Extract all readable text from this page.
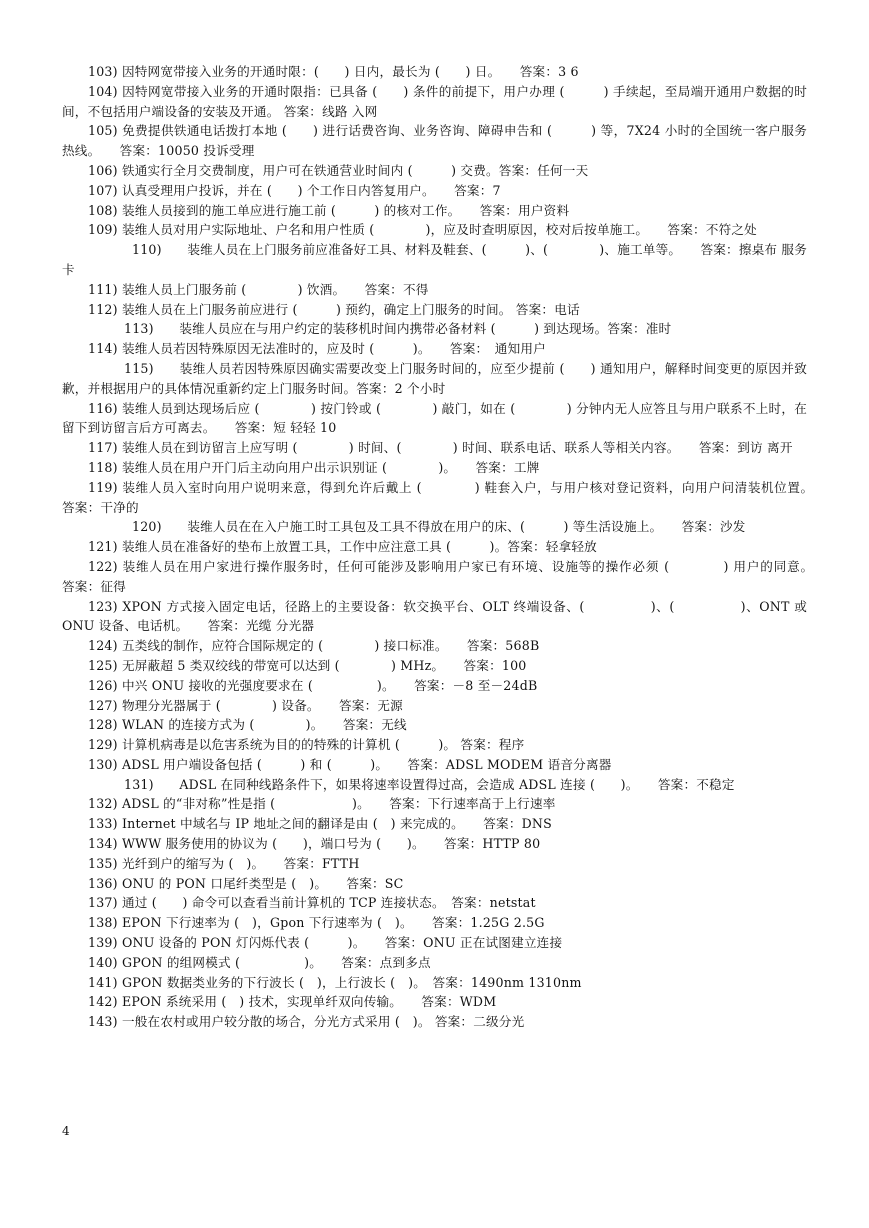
103) 因特网宽带接入业务的开通时限：(　　) 日内，最长为 (　　) 日。　　答案：3 6

104) 因特网宽带接入业务的开通时限指：已具备 (　　) 条件的前提下，用户办理 (　　　) 手续起，至局端开通用户数据的时间，不包括用户端设备的安装及开通。 答案：线路 入网

105) 免费提供铁通电话拨打本地 (　　) 进行话费咨询、业务咨询、障碍申告和 (　　　) 等，7X24 小时的全国统一客户服务热线。　　答案：10050 投诉受理

106) 铁通实行全月交费制度，用户可在铁通营业时间内 (　　　) 交费。答案：任何一天

107) 认真受理用户投诉，并在 (　　) 个工作日内答复用户。　　答案：7

108) 装维人员接到的施工单应进行施工前 (　　　) 的核对工作。　　答案：用户资料

109) 装维人员对用户实际地址、户名和用户性质 (　　　　)，应及时查明原因，校对后按单施工。　　答案：不符之处

110)　　装维人员在上门服务前应准备好工具、材料及鞋套、(　　　)、(　　　　)、施工单等。　　答案：擦桌布 服务卡

111) 装维人员上门服务前 (　　　　) 饮酒。　　答案：不得

112) 装维人员在上门服务前应进行 (　　　) 预约，确定上门服务的时间。 答案：电话

113)　　装维人员应在与用户约定的装移机时间内携带必备材料 (　　　) 到达现场。答案：准时

114) 装维人员若因特殊原因无法准时的，应及时 (　　　)。　　答案：　通知用户

115)　　装维人员若因特殊原因确实需要改变上门服务时间的，应至少提前 (　　) 通知用户，解释时间变更的原因并致歉，并根据用户的具体情况重新约定上门服务时间。答案：2 个小时

116) 装维人员到达现场后应 (　　　　) 按门铃或 (　　　　) 敲门，如在 (　　　　) 分钟内无人应答且与用户联系不上时，在留下到访留言后方可离去。　　答案：短 轻轻 10

117) 装维人员在到访留言上应写明 (　　　　) 时间、(　　　　) 时间、联系电话、联系人等相关内容。　　答案：到访 离开

118) 装维人员在用户开门后主动向用户出示识别证 (　　　　)。　　答案：工牌

119) 装维人员入室时向用户说明来意，得到允许后戴上 (　　　　) 鞋套入户，与用户核对登记资料，向用户问清装机位置。　　答案：干净的

120)　　装维人员在在入户施工时工具包及工具不得放在用户的床、(　　　) 等生活设施上。　　答案：沙发

121) 装维人员在准备好的垫布上放置工具，工作中应注意工具 (　　　)。答案：轻拿轻放

122) 装维人员在用户家进行操作服务时，任何可能涉及影响用户家已有环境、设施等的操作必须 (　　　　) 用户的同意。　　答案：征得

123) XPON 方式接入固定电话，径路上的主要设备：软交换平台、OLT 终端设备、(　　　　　)、(　　　　　)、ONT 或 ONU 设备、电话机。　　答案：光缆 分光器

124) 五类线的制作，应符合国际规定的 (　　　　) 接口标准。　　答案：568B

125) 无屏蔽超 5 类双绞线的带宽可以达到 (　　　　) MHz。　　答案：100

126) 中兴 ONU 接收的光强度要求在 (　　　　　)。　　答案：－8 至－24dB

127) 物理分光器属于 (　　　　) 设备。　　答案：无源

128) WLAN 的连接方式为 (　　　　)。　　答案：无线

129) 计算机病毒是以危害系统为目的的特殊的计算机 (　　　)。 答案：程序

130) ADSL 用户端设备包括 (　　　) 和 (　　　)。　　答案：ADSL MODEM 语音分离器

131)　　ADSL 在同种线路条件下，如果将速率设置得过高，会造成 ADSL 连接 (　　)。　　答案：不稳定

132) ADSL 的“非对称”性是指 (　　　　　　)。　　答案：下行速率高于上行速率

133) Internet 中域名与 IP 地址之间的翻译是由 (　) 来完成的。　　答案：DNS

134) WWW 服务使用的协议为 (　　)，端口号为 (　　)。　　答案：HTTP 80

135) 光纤到户的缩写为 (　)。　　答案：FTTH

136) ONU 的 PON 口尾纤类型是 (　)。　　答案：SC

137) 通过 (　　) 命令可以查看当前计算机的 TCP 连接状态。　答案：netstat

138) EPON 下行速率为 (　)，Gpon 下行速率为 (　)。　　答案：1.25G 2.5G

139) ONU 设备的 PON 灯闪烁代表 (　　　)。　　答案：ONU 正在试图建立连接

140) GPON 的组网模式 (　　　　　)。　　答案：点到多点

141) GPON 数据类业务的下行波长 (　)，上行波长 (　)。　答案：1490nm 1310nm

142) EPON 系统采用 (　) 技术，实现单纤双向传输。　　答案：WDM

143) 一般在农村或用户较分散的场合，分光方式采用 (　)。 答案：二级分光

4
